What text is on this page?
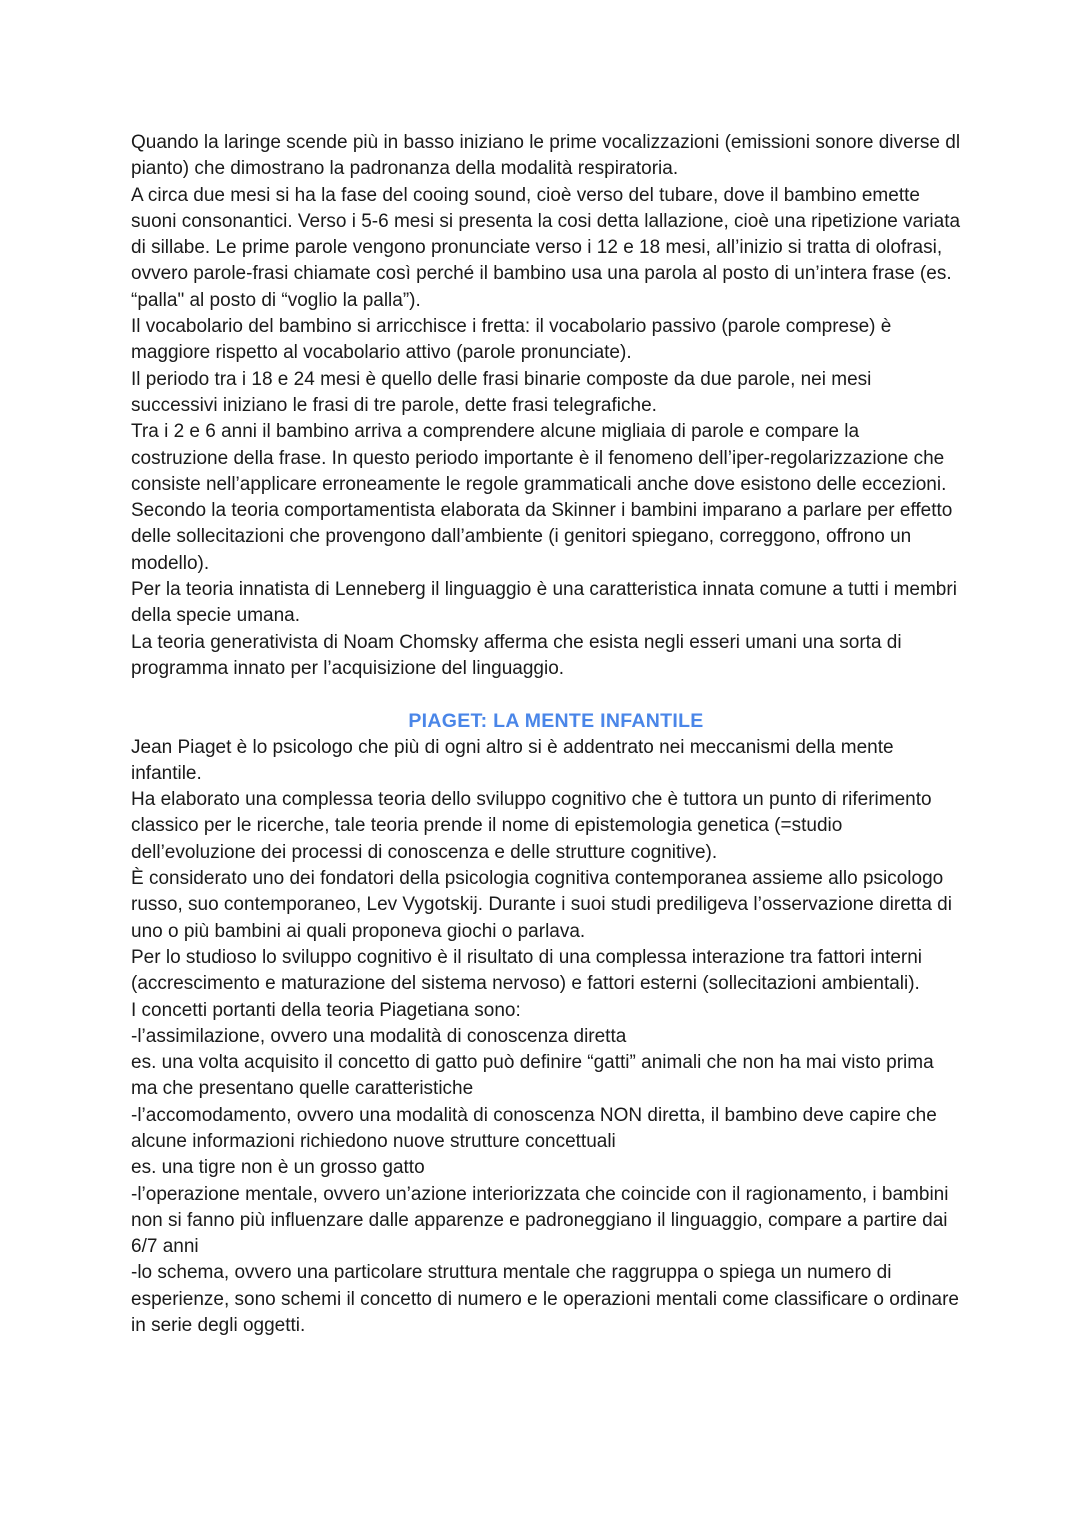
Quando la laringe scende più in basso iniziano le prime vocalizzazioni (emissioni sonore diverse dl pianto) che dimostrano la padronanza della modalità respiratoria.

A circa due mesi si ha la fase del cooing sound, cioè verso del tubare, dove il bambino emette suoni consonantici. Verso i 5-6 mesi si presenta la cosi detta lallazione, cioè una ripetizione variata di sillabe. Le prime parole vengono pronunciate verso i 12 e 18 mesi, all’inizio si tratta di olofrasi, ovvero parole-frasi chiamate così perché il bambino usa una parola al posto di un’intera frase (es. “palla" al posto di “voglio la palla”).

Il vocabolario del bambino si arricchisce i fretta: il vocabolario passivo (parole comprese) è maggiore rispetto al vocabolario attivo (parole pronunciate).

Il periodo tra i 18 e 24 mesi è quello delle frasi binarie composte da due parole, nei mesi successivi iniziano le frasi di tre parole, dette frasi telegrafiche.

Tra i 2 e 6 anni il bambino arriva a comprendere alcune migliaia di parole e compare la costruzione della frase. In questo periodo importante è il fenomeno dell’iper-regolarizzazione che consiste nell’applicare erroneamente le regole grammaticali anche dove esistono delle eccezioni.

Secondo la teoria comportamentista elaborata da Skinner i bambini imparano a parlare per effetto delle sollecitazioni che provengono dall’ambiente (i genitori spiegano, correggono, offrono un modello).

Per la teoria innatista di Lenneberg il linguaggio è una caratteristica innata comune a tutti i membri della specie umana.

La teoria generativista di Noam Chomsky afferma che esista negli esseri umani una sorta di programma innato per l’acquisizione del linguaggio.

PIAGET: LA MENTE INFANTILE

Jean Piaget è lo psicologo che più di ogni altro si è addentrato nei meccanismi della mente infantile.

Ha elaborato una complessa teoria dello sviluppo cognitivo che è tuttora un punto di riferimento classico per le ricerche, tale teoria prende il nome di epistemologia genetica (=studio dell’evoluzione dei processi di conoscenza e delle strutture cognitive).

È considerato uno dei fondatori della psicologia cognitiva contemporanea assieme allo psicologo russo, suo contemporaneo, Lev Vygotskij. Durante i suoi studi prediligeva l’osservazione diretta di uno o più bambini ai quali proponeva giochi o parlava.

Per lo studioso lo sviluppo cognitivo è il risultato di una complessa interazione tra fattori interni (accrescimento e maturazione del sistema nervoso) e fattori esterni (sollecitazioni ambientali).

I concetti portanti della teoria Piagetiana sono:

-l’assimilazione, ovvero una modalità di conoscenza diretta

es. una volta acquisito il concetto di gatto può definire “gatti” animali che non ha mai visto prima ma che presentano quelle caratteristiche

-l’accomodamento, ovvero una modalità di conoscenza NON diretta, il bambino deve capire che alcune informazioni richiedono nuove strutture concettuali

es. una tigre non è un grosso gatto

-l’operazione mentale, ovvero un’azione interiorizzata che coincide con il ragionamento, i bambini non si fanno più influenzare dalle apparenze e padroneggiano il linguaggio, compare a partire dai 6/7 anni

-lo schema, ovvero una particolare struttura mentale che raggruppa o spiega un numero di esperienze, sono schemi il concetto di numero e le operazioni mentali come classificare o ordinare in serie degli oggetti.
